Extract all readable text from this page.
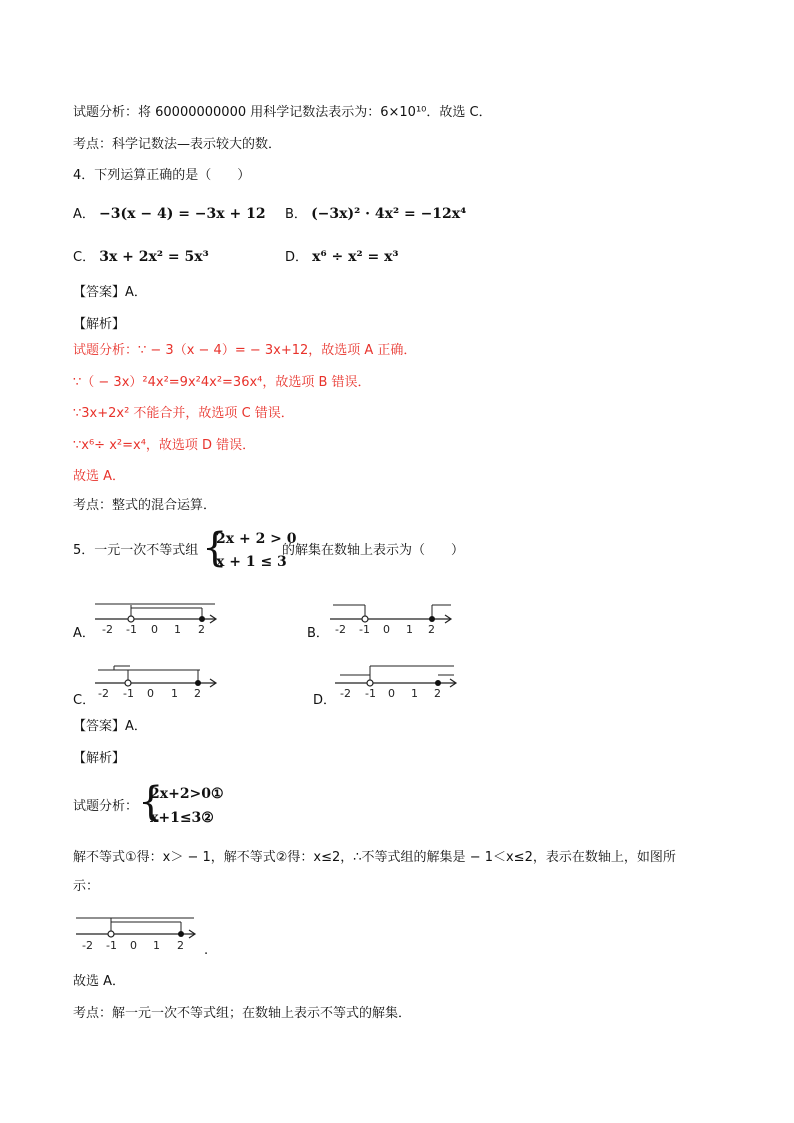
试题分析：将 60000000000 用科学记数法表示为：6×10¹⁰．故选 C．
考点：科学记数法—表示较大的数．
4．下列运算正确的是（　　）
A． −3(x − 4) = −3x + 12 B． (−3x)² · 4x² = −12x⁴
C． 3x + 2x² = 5x³	D． x⁶ ÷ x² = x³
【答案】A．
【解析】
试题分析：∵ − 3（x − 4）= − 3x+12，故选项 A 正确．
∵（ − 3x）²4x²=9x²4x²=36x⁴，故选项 B 错误．
∵3x+2x² 不能合并，故选项 C 错误．
∵x⁶÷ x²=x⁴，故选项 D 错误．
故选 A．
考点：整式的混合运算．
5．一元一次不等式组 {
2x + 2 > 0
x + 1 ≤ 3
的解集在数轴上表示为（　　）
A．	B．
C．	D．
-2 -1 0 1 2	-2 -1 0 1 2
-2 -1 0 1 2	-2 -1 0 1 2
【答案】A．
【解析】
试题分析： {
2x+2>0①
x+1≤3②
解不等式①得：x＞ − 1，解不等式②得：x≤2，∴不等式组的解集是 − 1＜x≤2，表示在数轴上，如图所
示：
-2 -1 0 1 2 .
故选 A．
考点：解一元一次不等式组；在数轴上表示不等式的解集．
